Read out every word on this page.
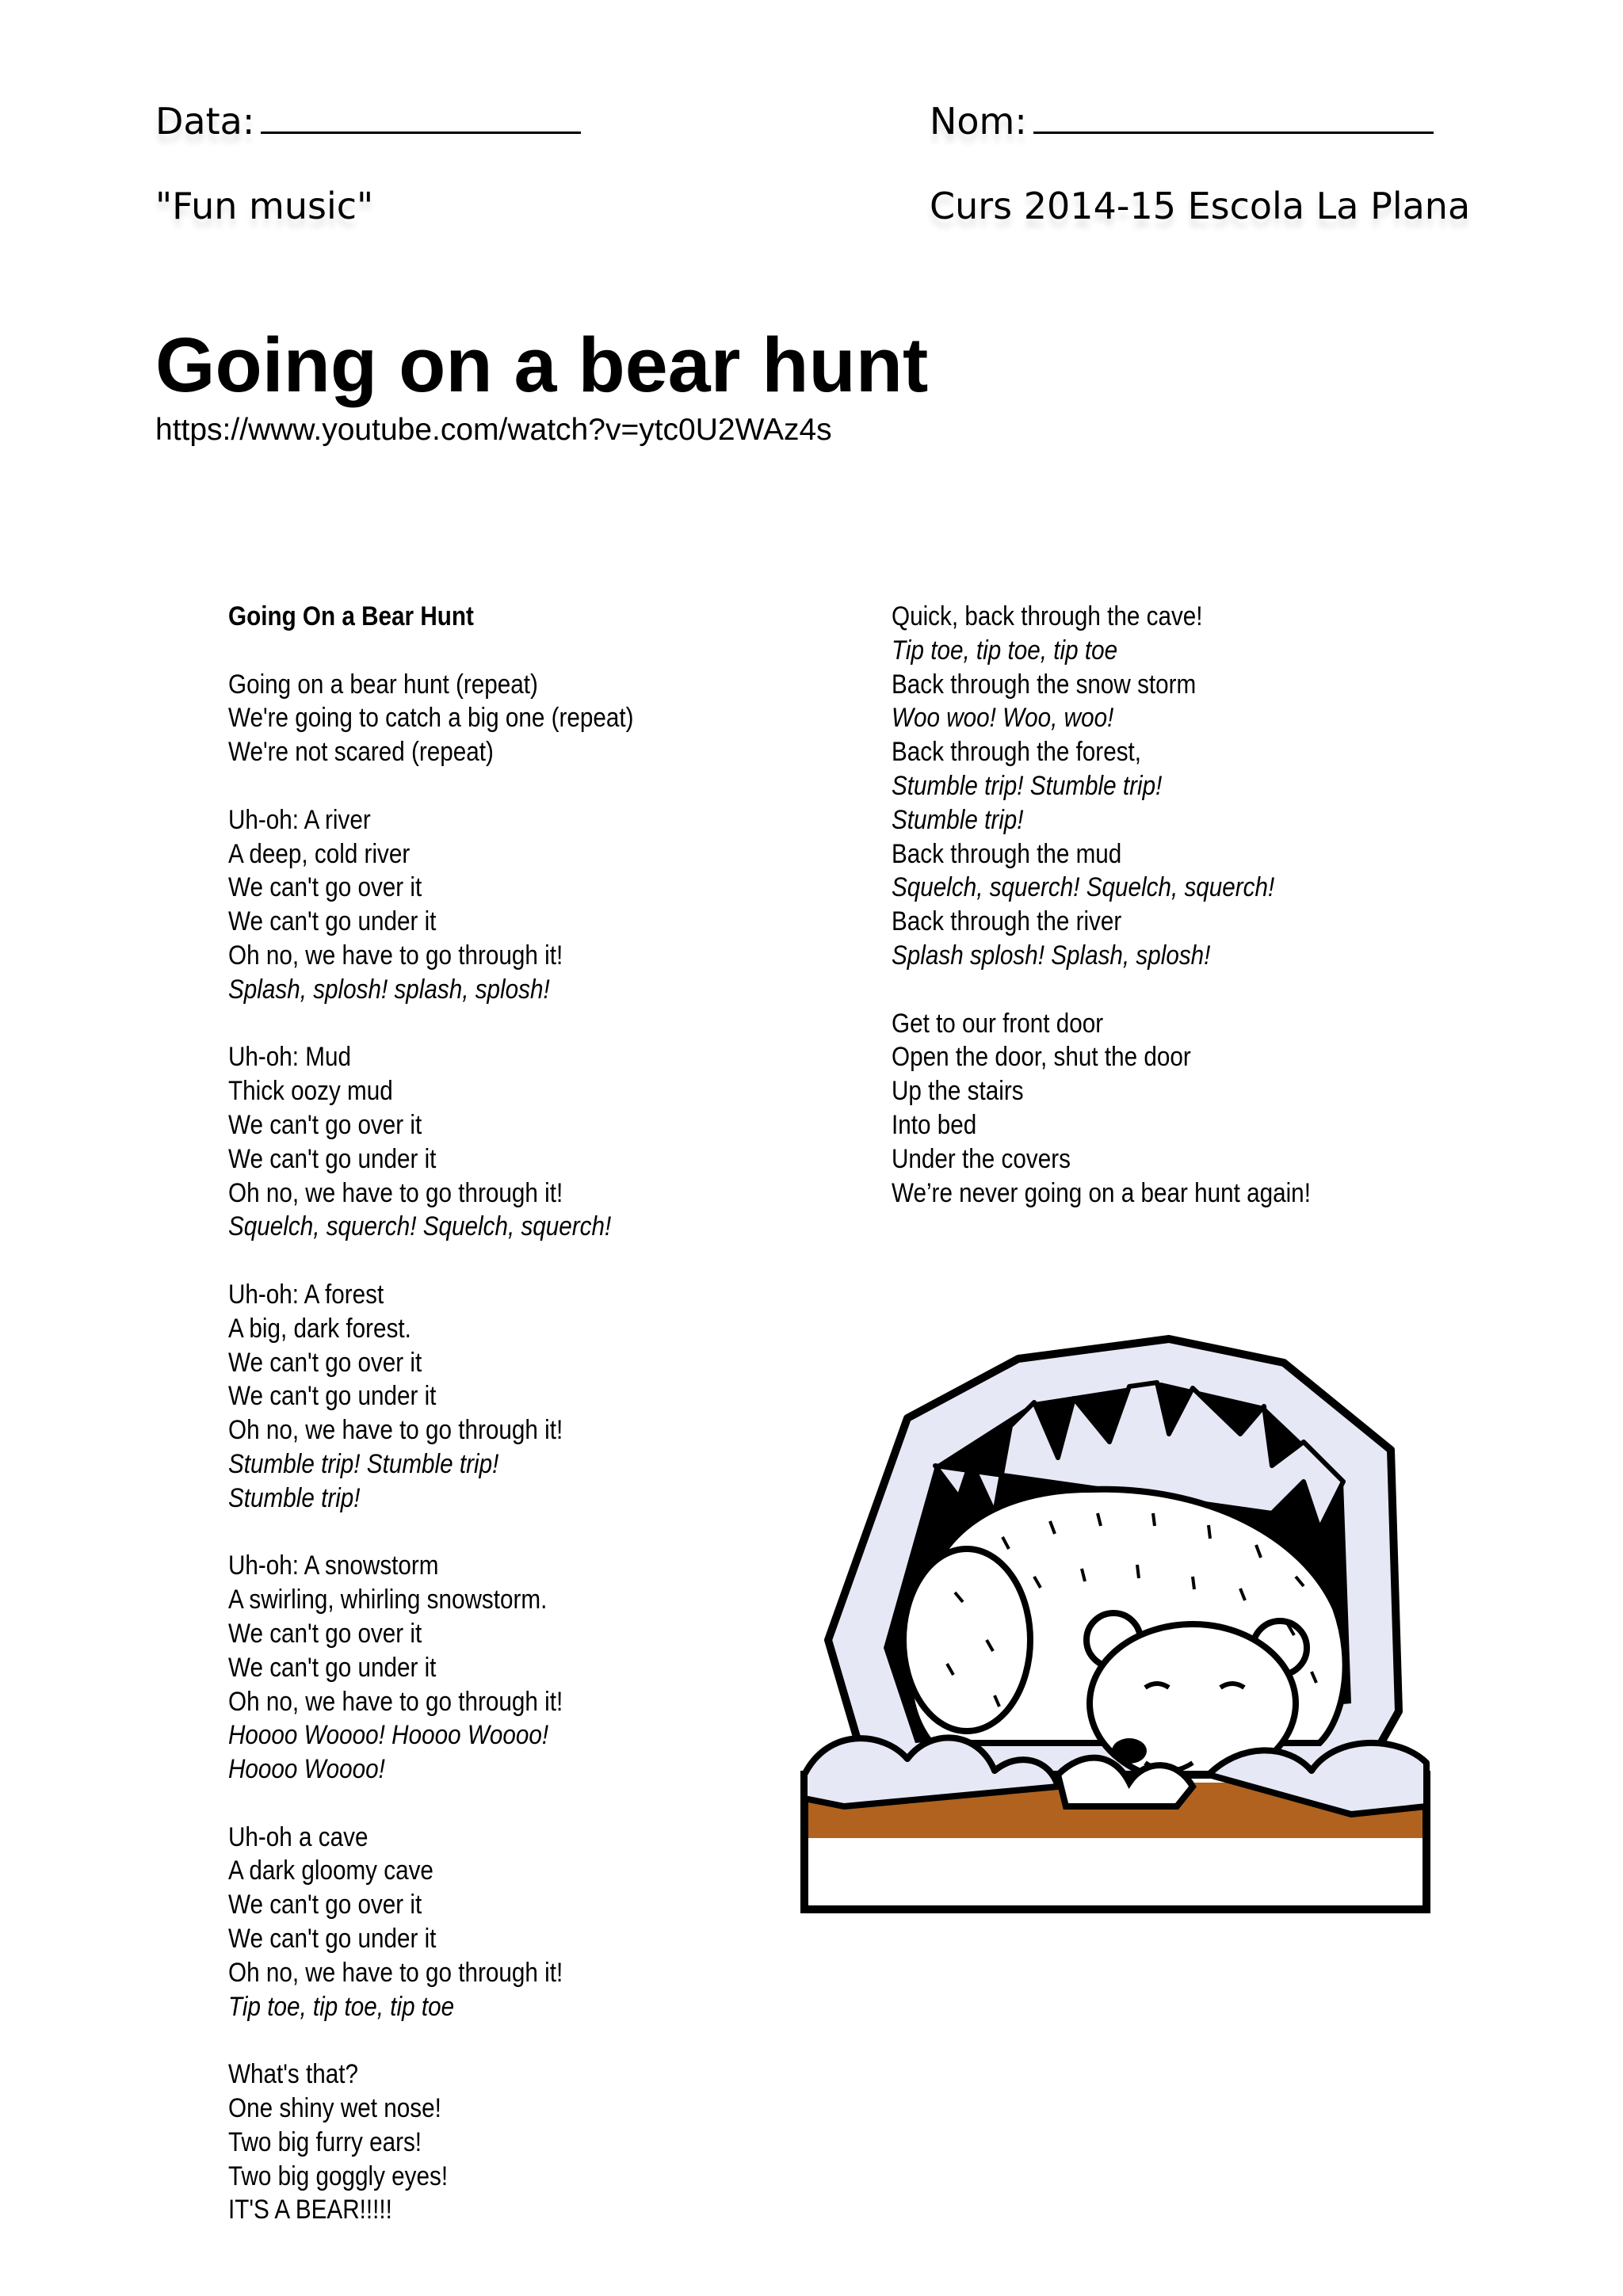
Data:	Nom:
"Fun music"	Curs 2014-15 Escola La Plana
Going on a bear hunt
https://www.youtube.com/watch?v=ytc0U2WAz4s
Going On a Bear Hunt
Going on a bear hunt (repeat)
We're going to catch a big one (repeat)
We're not scared (repeat)
Uh-oh: A river
A deep, cold river
We can't go over it
We can't go under it
Oh no, we have to go through it!
Splash, splosh! splash, splosh!
Uh-oh: Mud
Thick oozy mud
We can't go over it
We can't go under it
Oh no, we have to go through it!
Squelch, squerch! Squelch, squerch!
Uh-oh: A forest
A big, dark forest.
We can't go over it
We can't go under it
Oh no, we have to go through it!
Stumble trip! Stumble trip!
Stumble trip!
Uh-oh: A snowstorm
A swirling, whirling snowstorm.
We can't go over it
We can't go under it
Oh no, we have to go through it!
Hoooo Woooo! Hoooo Woooo!
Hoooo Woooo!
Uh-oh a cave
A dark gloomy cave
We can't go over it
We can't go under it
Oh no, we have to go through it!
Tip toe, tip toe, tip toe
What's that?
One shiny wet nose!
Two big furry ears!
Two big goggly eyes!
IT'S A BEAR!!!!!
Quick, back through the cave!
Tip toe, tip toe, tip toe
Back through the snow storm
Woo woo! Woo, woo!
Back through the forest,
Stumble trip! Stumble trip!
Stumble trip!
Back through the mud
Squelch, squerch! Squelch, squerch!
Back through the river
Splash splosh! Splash, splosh!
Get to our front door
Open the door, shut the door
Up the stairs
Into bed
Under the covers
We’re never going on a bear hunt again!
